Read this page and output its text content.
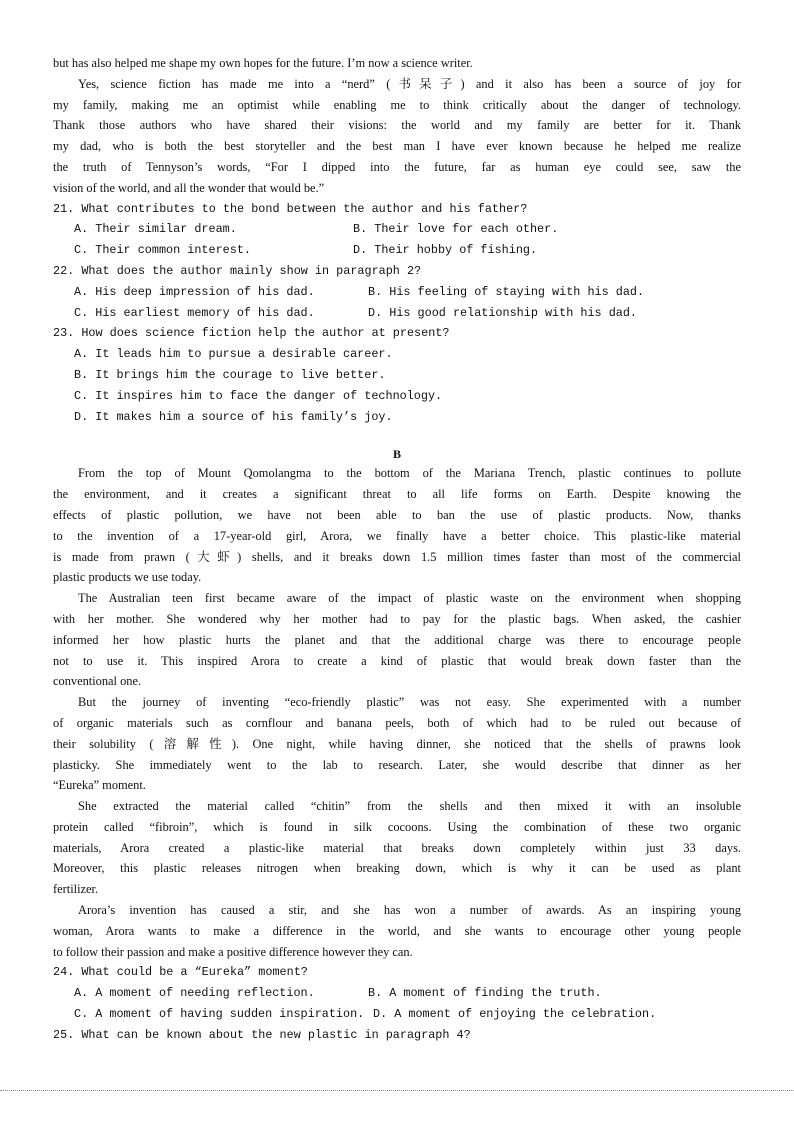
but has also helped me shape my own hopes for the future. I’m now a science writer.
Yes, science fiction has made me into a “nerd” (书呆子) and it also has been a source of joy for
my family, making me an optimist while enabling me to think critically about the danger of technology.
Thank those authors who have shared their visions: the world and my family are better for it. Thank
my dad, who is both the best storyteller and the best man I have ever known because he helped me realize
the truth of Tennyson’s words, “For I dipped into the future, far as human eye could see, saw the
vision of the world, and all the wonder that would be.”
21. What contributes to the bond between the author and his father?
A. Their similar dream.	B. Their love for each other.
C. Their common interest.	D. Their hobby of fishing.
22. What does the author mainly show in paragraph 2?
A. His deep impression of his dad.	B. His feeling of staying with his dad.
C. His earliest memory of his dad.	D. His good relationship with his dad.
23. How does science fiction help the author at present?
A. It leads him to pursue a desirable career.
B. It brings him the courage to live better.
C. It inspires him to face the danger of technology.
D. It makes him a source of his family’s joy.
B
From the top of Mount Qomolangma to the bottom of the Mariana Trench, plastic continues to pollute
the environment, and it creates a significant threat to all life forms on Earth. Despite knowing the
effects of plastic pollution, we have not been able to ban the use of plastic products. Now, thanks
to the invention of a 17-year-old girl, Arora, we finally have a better choice. This plastic-like material
is made from prawn (大虾) shells, and it breaks down 1.5 million times faster than most of the commercial
plastic products we use today.
The Australian teen first became aware of the impact of plastic waste on the environment when shopping
with her mother. She wondered why her mother had to pay for the plastic bags. When asked, the cashier
informed her how plastic hurts the planet and that the additional charge was there to encourage people
not to use it. This inspired Arora to create a kind of plastic that would break down faster than the
conventional one.
But the journey of inventing “eco-friendly plastic” was not easy. She experimented with a number
of organic materials such as cornflour and banana peels, both of which had to be ruled out because of
their solubility (溶解性). One night, while having dinner, she noticed that the shells of prawns look
plasticky. She immediately went to the lab to research. Later, she would describe that dinner as her
“Eureka” moment.
She extracted the material called “chitin” from the shells and then mixed it with an insoluble
protein called “fibroin”, which is found in silk cocoons. Using the combination of these two organic
materials, Arora created a plastic-like material that breaks down completely within just 33 days.
Moreover, this plastic releases nitrogen when breaking down, which is why it can be used as plant
fertilizer.
Arora’s invention has caused a stir, and she has won a number of awards. As an inspiring young
woman, Arora wants to make a difference in the world, and she wants to encourage other young people
to follow their passion and make a positive difference however they can.
24. What could be a “Eureka” moment?
A. A moment of needing reflection.	B. A moment of finding the truth.
C. A moment of having sudden inspiration. D. A moment of enjoying the celebration.
25. What can be known about the new plastic in paragraph 4?
